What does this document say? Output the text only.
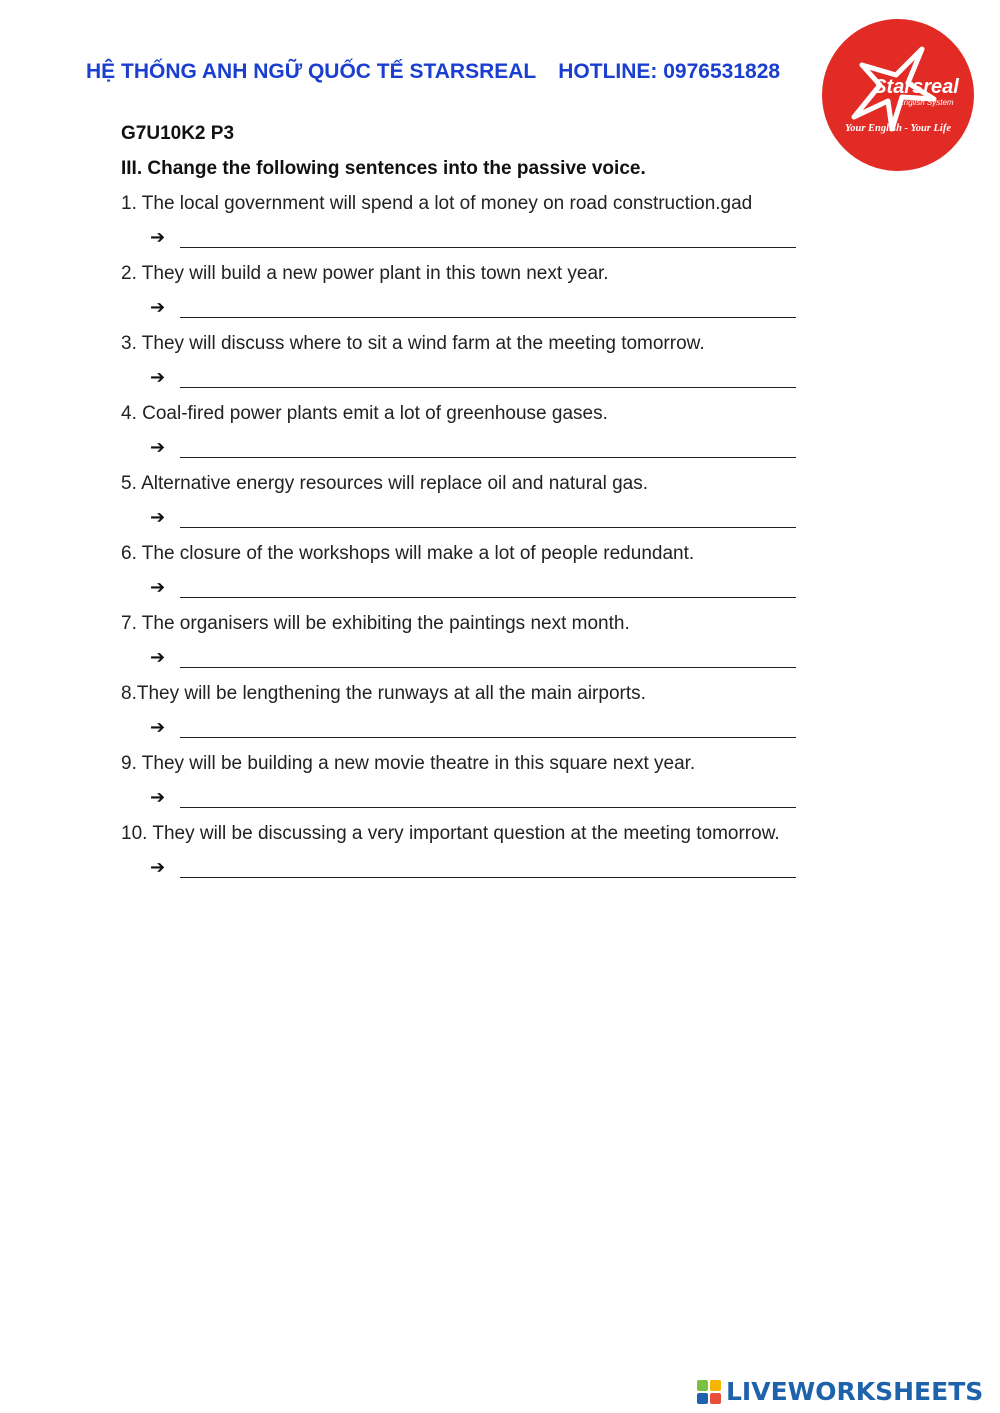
HỆ THỐNG ANH NGỮ QUỐC TẾ STARSREAL HOTLINE: 0976531828
Starsreal
English System
Your English - Your Life
G7U10K2 P3
III. Change the following sentences into the passive voice.
1. The local government will spend a lot of money on road construction.gad
➔
2. They will build a new power plant in this town next year.
➔
3. They will discuss where to sit a wind farm at the meeting tomorrow.
➔
4. Coal-fired power plants emit a lot of greenhouse gases.
➔
5. Alternative energy resources will replace oil and natural gas.
➔
6. The closure of the workshops will make a lot of people redundant.
➔
7. The organisers will be exhibiting the paintings next month.
➔
8.They will be lengthening the runways at all the main airports.
➔
9. They will be building a new movie theatre in this square next year.
➔
10. They will be discussing a very important question at the meeting tomorrow.
➔
LIVEWORKSHEETS
